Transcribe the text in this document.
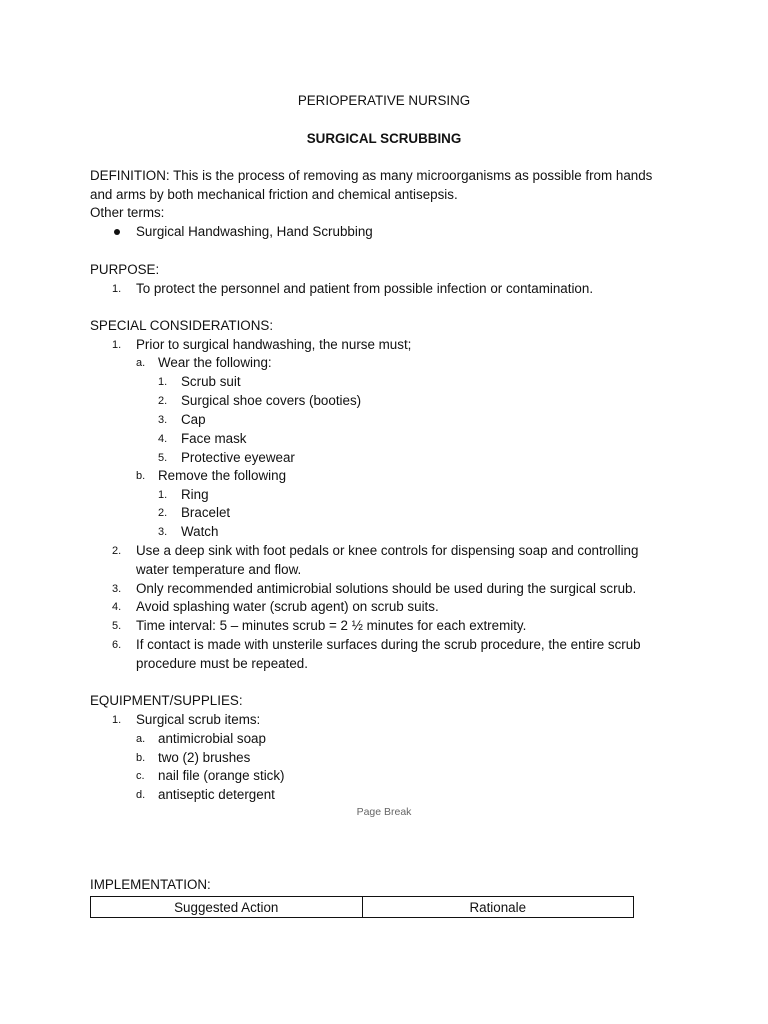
PERIOPERATIVE NURSING
SURGICAL SCRUBBING
DEFINITION: This is the process of removing as many microorganisms as possible from hands
and arms by both mechanical friction and chemical antisepsis.
Other terms:
Surgical Handwashing, Hand Scrubbing
PURPOSE:
1. To protect the personnel and patient from possible infection or contamination.
SPECIAL CONSIDERATIONS:
1. Prior to surgical handwashing, the nurse must;
a. Wear the following:
1. Scrub suit
2. Surgical shoe covers (booties)
3. Cap
4. Face mask
5. Protective eyewear
b. Remove the following
1. Ring
2. Bracelet
3. Watch
2. Use a deep sink with foot pedals or knee controls for dispensing soap and controlling
water temperature and flow.
3. Only recommended antimicrobial solutions should be used during the surgical scrub.
4. Avoid splashing water (scrub agent) on scrub suits.
5. Time interval: 5 – minutes scrub = 2 ½ minutes for each extremity.
6. If contact is made with unsterile surfaces during the scrub procedure, the entire scrub
procedure must be repeated.
EQUIPMENT/SUPPLIES:
1. Surgical scrub items:
a. antimicrobial soap
b. two (2) brushes
c. nail file (orange stick)
d. antiseptic detergent
Page Break
IMPLEMENTATION:
Suggested Action	Rationale
